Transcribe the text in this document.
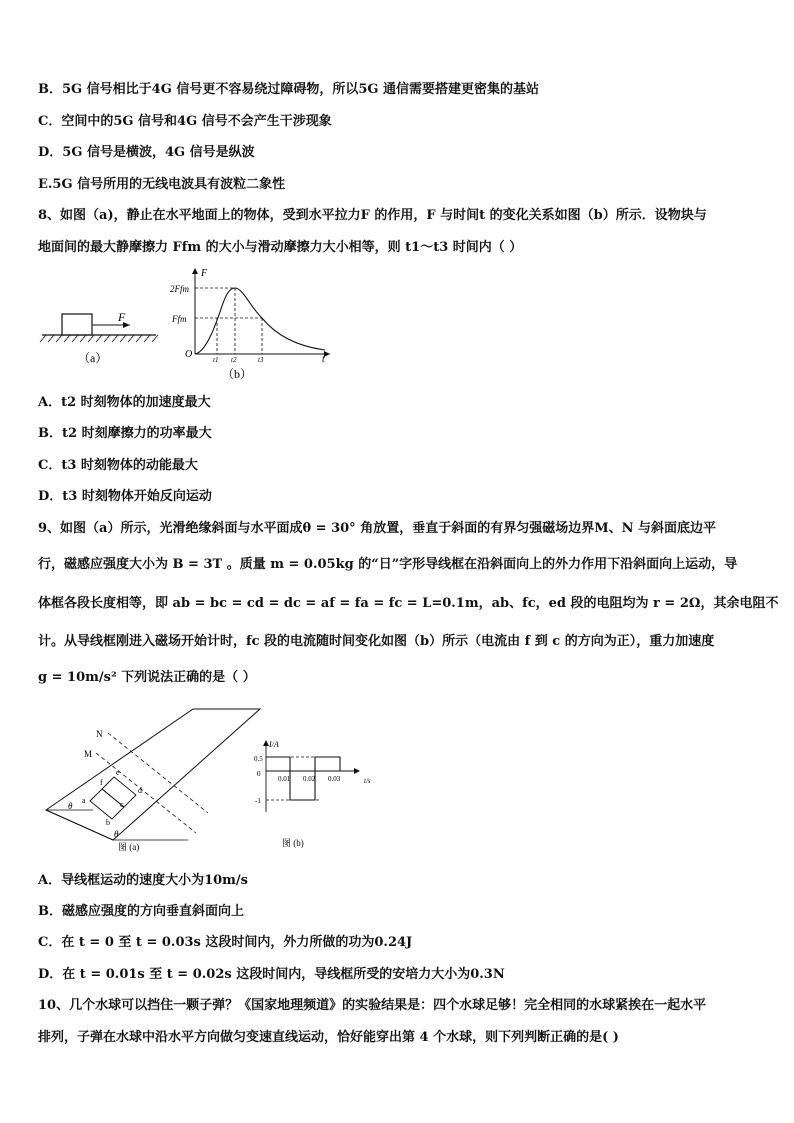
B．5G 信号相比于4G 信号更不容易绕过障碍物，所以5G 通信需要搭建更密集的基站
C．空间中的5G 信号和4G 信号不会产生干涉现象
D．5G 信号是横波，4G 信号是纵波
E.5G 信号所用的无线电波具有波粒二象性
8、如图（a)，静止在水平地面上的物体，受到水平拉力F 的作用，F 与时间t 的变化关系如图（b）所示．设物块与
地面间的最大静摩擦力 Ffm 的大小与滑动摩擦力大小相等，则 t1～t3 时间内（ ）
F
（a）
F
2Ffm
Ffm
O	t
t1 t2	t3
（b）
A．t2 时刻物体的加速度最大
B．t2 时刻摩擦力的功率最大
C．t3 时刻物体的动能最大
D．t3 时刻物体开始反向运动
9、如图（a）所示，光滑绝缘斜面与水平面成θ = 30° 角放置，垂直于斜面的有界匀强磁场边界M、N 与斜面底边平
行，磁感应强度大小为 B = 3T 。质量 m = 0.05kg 的“日”字形导线框在沿斜面向上的外力作用下沿斜面向上运动，导
体框各段长度相等，即 ab = bc = cd = dc = af = fa = fc = L=0.1m，ab、fc，ed 段的电阻均为 r = 2Ω，其余电阻不
计。从导线框刚进入磁场开始计时，fc 段的电流随时间变化如图（b）所示（电流由 f 到 c 的方向为正），重力加速度
g = 10m/s² 下列说法正确的是（ ）
N
M
a
b
c
d
e
f
θ
θ
图 (a)
I/A
0.5
0
-1
0.01 0.02 0.03	t/s
图 (b)
A．导线框运动的速度大小为10m/s
B．磁感应强度的方向垂直斜面向上
C．在 t = 0 至 t = 0.03s 这段时间内，外力所做的功为0.24J
D．在 t = 0.01s 至 t = 0.02s 这段时间内，导线框所受的安培力大小为0.3N
10、几个水球可以挡住一颗子弹？《国家地理频道》的实验结果是：四个水球足够！完全相同的水球紧挨在一起水平
排列，子弹在水球中沿水平方向做匀变速直线运动，恰好能穿出第 4 个水球，则下列判断正确的是( )
